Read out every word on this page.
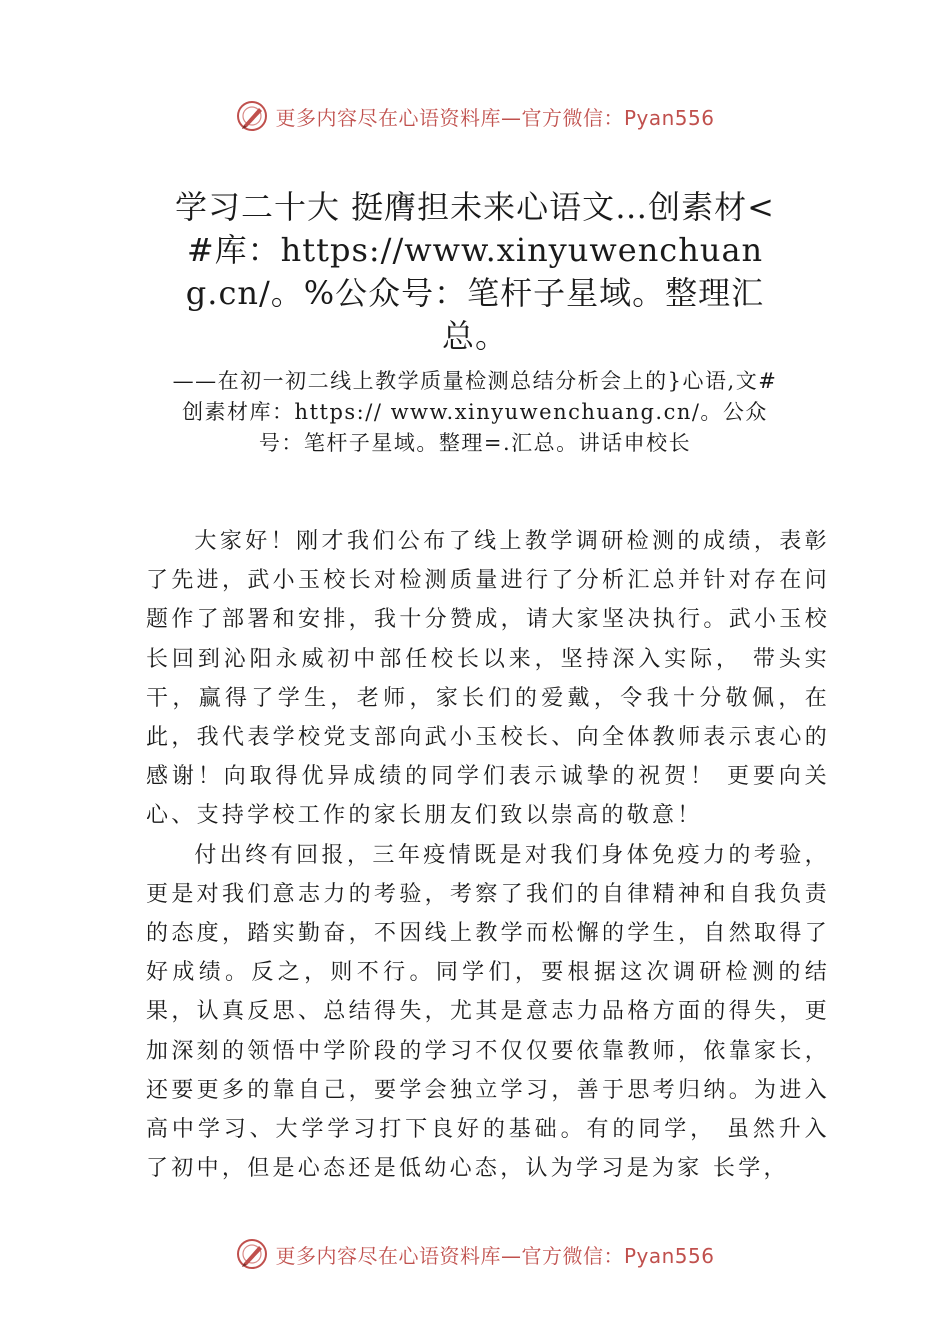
更多内容尽在心语资料库—官方微信：Pyan556
学习二十大 挺膺担未来心语文…创素材<#库：https://www.xinyuwenchuang.cn/。%公众号：笔杆子星域。整理汇总。

——在初一初二线上教学质量检测总结分析会上的}心语,文#创素材库：https:// www.xinyuwenchuang.cn/。公众号：笔杆子星域。整理=.汇总。讲话申校长

大家好！刚才我们公布了线上教学调研检测的成绩，表彰了先进，武小玉校长对检测质量进行了分析汇总并针对存在问题作了部署和安排，我十分赞成，请大家坚决执行。武小玉校长回到沁阳永威初中部任校长以来，坚持深入实际， 带头实干，赢得了学生，老师，家长们的爱戴，令我十分敬佩，在此，我代表学校党支部向武小玉校长、向全体教师表示衷心的感谢！向取得优异成绩的同学们表示诚挚的祝贺！ 更要向关心、支持学校工作的家长朋友们致以崇高的敬意！

付出终有回报，三年疫情既是对我们身体免疫力的考验，更是对我们意志力的考验，考察了我们的自律精神和自我负责的态度，踏实勤奋，不因线上教学而松懈的学生，自然取得了好成绩。反之，则不行。同学们，要根据这次调研检测的结果，认真反思、总结得失，尤其是意志力品格方面的得失，更加深刻的领悟中学阶段的学习不仅仅要依靠教师，依靠家长，还要更多的靠自己，要学会独立学习，善于思考归纳。为进入高中学习、大学学习打下良好的基础。有的同学， 虽然升入了初中，但是心态还是低幼心态，认为学习是为家 长学，

更多内容尽在心语资料库—官方微信：Pyan556
